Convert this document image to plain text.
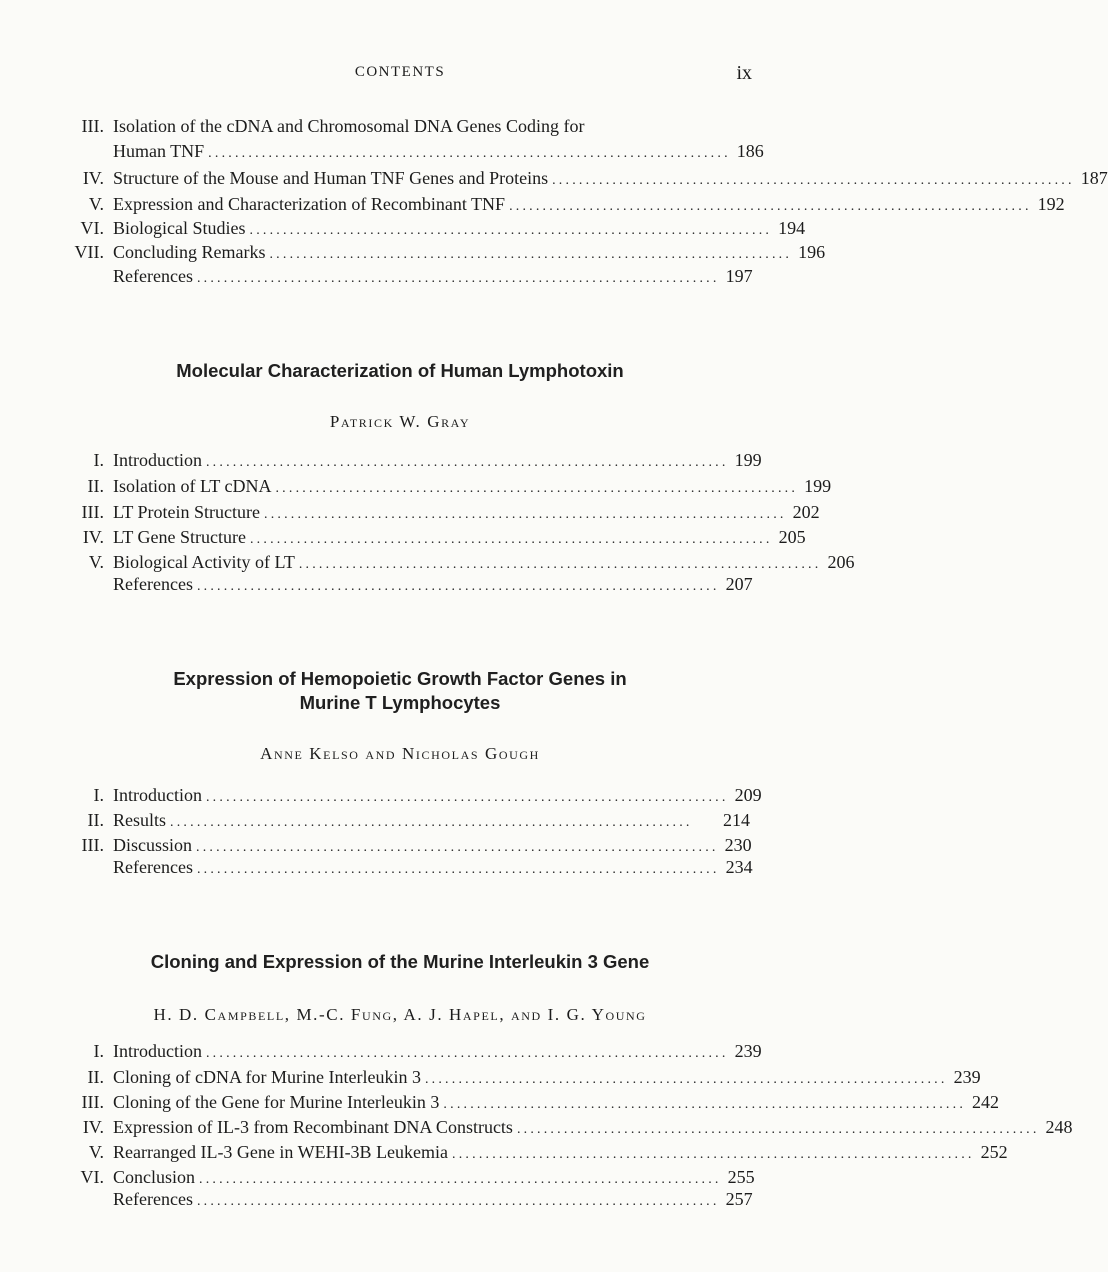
CONTENTS	ix
III. Isolation of the cDNA and Chromosomal DNA Genes Coding for
Human TNF .............................................................................. 186
IV. Structure of the Mouse and Human TNF Genes and Proteins .............................................................................. 187
V. Expression and Characterization of Recombinant TNF .............................................................................. 192
VI. Biological Studies .............................................................................. 194
VII. Concluding Remarks .............................................................................. 196
References .............................................................................. 197
Molecular Characterization of Human Lymphotoxin
Patrick W. Gray
I. Introduction .............................................................................. 199
II. Isolation of LT cDNA .............................................................................. 199
III. LT Protein Structure .............................................................................. 202
IV. LT Gene Structure .............................................................................. 205
V. Biological Activity of LT .............................................................................. 206
References .............................................................................. 207
Expression of Hemopoietic Growth Factor Genes in
Murine T Lymphocytes
Anne Kelso and Nicholas Gough
I. Introduction .............................................................................. 209
II. Results ..............................................................................	214
III. Discussion .............................................................................. 230
References .............................................................................. 234
Cloning and Expression of the Murine Interleukin 3 Gene
H. D. Campbell, M.-C. Fung, A. J. Hapel, and I. G. Young
I. Introduction .............................................................................. 239
II. Cloning of cDNA for Murine Interleukin 3 .............................................................................. 239
III. Cloning of the Gene for Murine Interleukin 3 .............................................................................. 242
IV. Expression of IL-3 from Recombinant DNA Constructs .............................................................................. 248
V. Rearranged IL-3 Gene in WEHI-3B Leukemia .............................................................................. 252
VI. Conclusion .............................................................................. 255
References .............................................................................. 257
